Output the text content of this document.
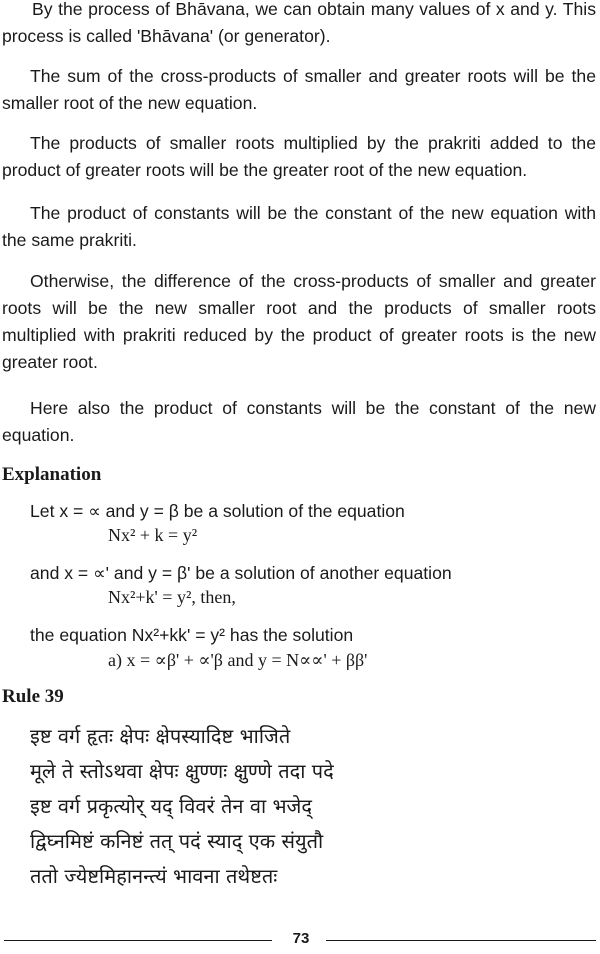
By the process of Bhāvana, we can obtain many values of x and y. This process is called 'Bhāvana' (or generator).

The sum of the cross-products of smaller and greater roots will be the smaller root of the new equation.

The products of smaller roots multiplied by the prakriti added to the product of greater roots will be the greater root of the new equation.

The product of constants will be the constant of the new equation with the same prakriti.

Otherwise, the difference of the cross-products of smaller and greater roots will be the new smaller root and the products of smaller roots multiplied with prakriti reduced by the product of greater roots is the new greater root.

Here also the product of constants will be the constant of the new equation.

Explanation

Let x = ∝ and y = β be a solution of the equation

Nx² + k = y²

and x = ∝' and y = β' be a solution of another equation

Nx²+k' = y², then,

the equation Nx²+kk' = y² has the solution

a) x = ∝β' + ∝'β and y = N∝∝' + ββ'

Rule 39

इष्ट वर्ग हृतः क्षेपः क्षेपस्यादिष्ट भाजिते

मूले ते स्तोऽथवा क्षेपः क्षुण्णः क्षुण्णे तदा पदे

इष्ट वर्ग प्रकृत्योर् यद् विवरं तेन वा भजेद्

द्विघ्नमिष्टं कनिष्टं तत् पदं स्याद् एक संयुतौ

ततो ज्येष्टमिहानन्त्यं भावना तथेष्टतः

73
